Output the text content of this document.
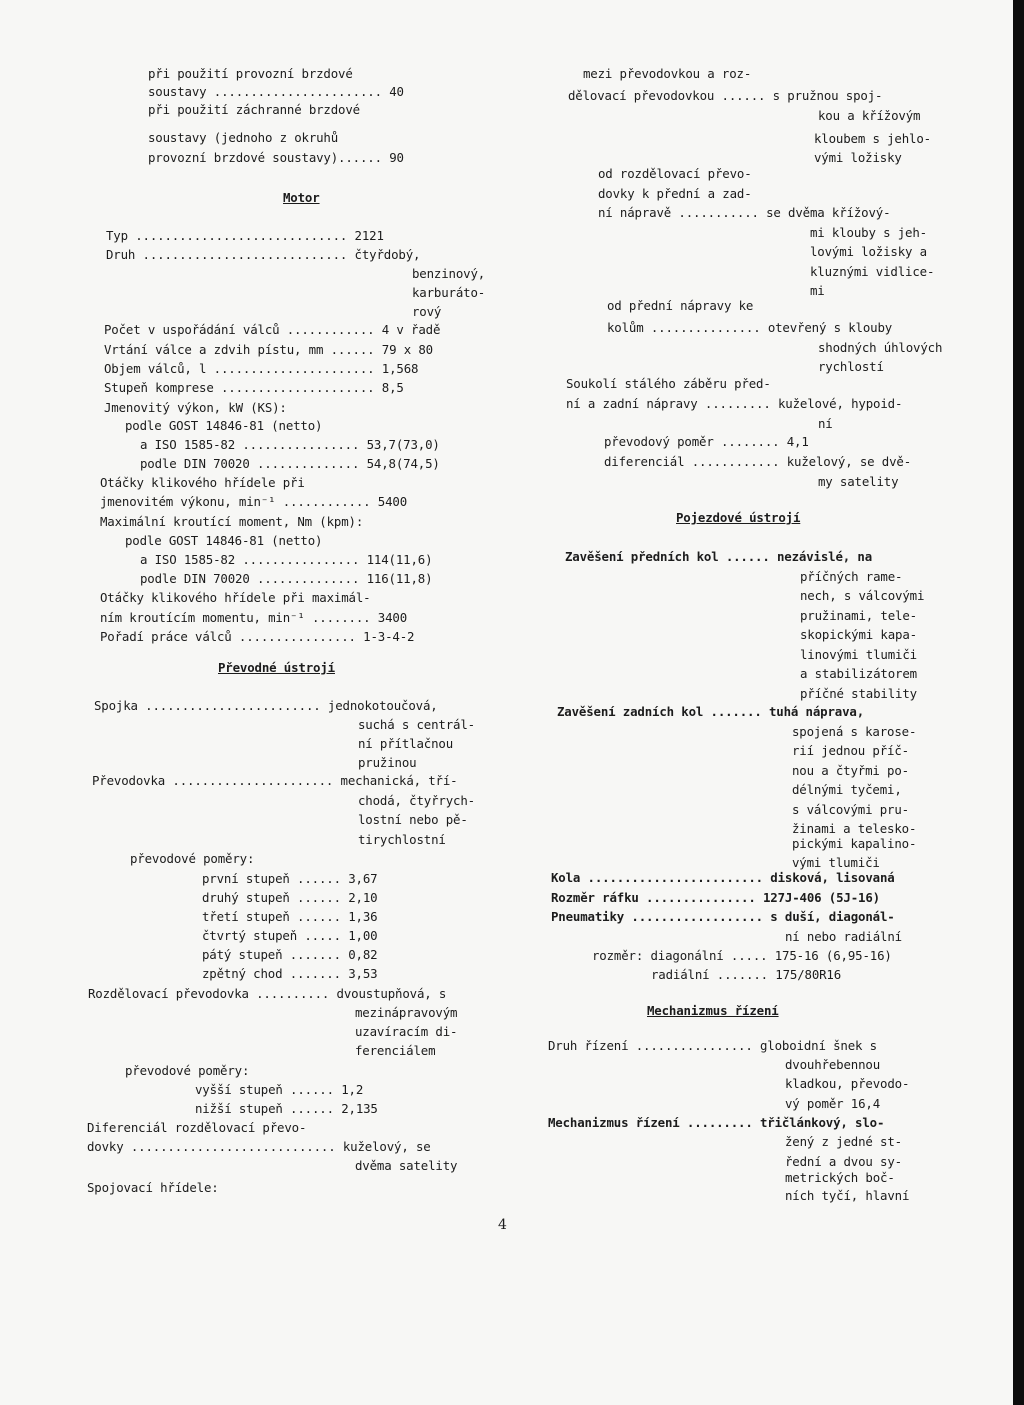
při použití provozní brzdové
soustavy ....................... 40
při použití záchranné brzdové
soustavy (jednoho z okruhů
provozní brzdové soustavy)...... 90
Motor
Typ ............................. 2121
Druh ............................ čtyřdobý,
benzinový,
karburáto-
rový
Počet v uspořádání válců ............ 4 v řadě
Vrtání válce a zdvih pístu, mm ...... 79 x 80
Objem válců, l ...................... 1,568
Stupeň komprese ..................... 8,5
Jmenovitý výkon, kW (KS):
podle GOST 14846-81 (netto)
a ISO 1585-82 ................ 53,7(73,0)
podle DIN 70020 .............. 54,8(74,5)
Otáčky klikového hřídele při
jmenovitém výkonu, min⁻¹ ............ 5400
Maximální kroutící moment, Nm (kpm):
podle GOST 14846-81 (netto)
a ISO 1585-82 ................ 114(11,6)
podle DIN 70020 .............. 116(11,8)
Otáčky klikového hřídele při maximál-
ním kroutícím momentu, min⁻¹ ........ 3400
Pořadí práce válců ................ 1-3-4-2
Převodné ústrojí
Spojka ........................ jednokotoučová,
suchá s centrál-
ní přítlačnou
pružinou
Převodovka ...................... mechanická, tří-
chodá, čtyřrych-
lostní nebo pě-
tirychlostní
převodové poměry:
první stupeň ...... 3,67
druhý stupeň ...... 2,10
třetí stupeň ...... 1,36
čtvrtý stupeň ..... 1,00
pátý stupeň ....... 0,82
zpětný chod ....... 3,53
Rozdělovací převodovka .......... dvoustupňová, s
mezinápravovým
uzavíracím di-
ferenciálem
převodové poměry:
vyšší stupeň ...... 1,2
nižší stupeň ...... 2,135
Diferenciál rozdělovací převo-
dovky ............................ kuželový, se
dvěma satelity
Spojovací hřídele:
mezi převodovkou a roz-
dělovací převodovkou ...... s pružnou spoj-
kou a křížovým
kloubem s jehlo-
vými ložisky
od rozdělovací převo-
dovky k přední a zad-
ní nápravě ........... se dvěma křížový-
mi klouby s jeh-
lovými ložisky a
kluznými vidlice-
mi
od přední nápravy ke
kolům ............... otevřený s klouby
shodných úhlových
rychlostí
Soukolí stálého záběru před-
ní a zadní nápravy ......... kuželové, hypoid-
ní
převodový poměr ........ 4,1
diferenciál ............ kuželový, se dvě-
my satelity
Pojezdové ústrojí
Zavěšení předních kol ...... nezávislé, na
příčných rame-
nech, s válcovými
pružinami, tele-
skopickými kapa-
linovými tlumiči
a stabilizátorem
příčné stability
Zavěšení zadních kol ....... tuhá náprava,
spojená s karose-
rií jednou příč-
nou a čtyřmi po-
délnými tyčemi,
s válcovými pru-
žinami a telesko-
pickými kapalino-
vými tlumiči
Kola ........................ disková, lisovaná
Rozměr ráfku ............... 127J-406 (5J-16)
Pneumatiky .................. s duší, diagonál-
ní nebo radiální
rozměr: diagonální ..... 175-16 (6,95-16)
radiální ....... 175/80R16
Mechanizmus řízení
Druh řízení ................ globoidní šnek s
dvouhřebennou
kladkou, převodo-
vý poměr 16,4
Mechanizmus řízení ......... třičlánkový, slo-
žený z jedné st-
řední a dvou sy-
metrických boč-
ních tyčí, hlavní
4
